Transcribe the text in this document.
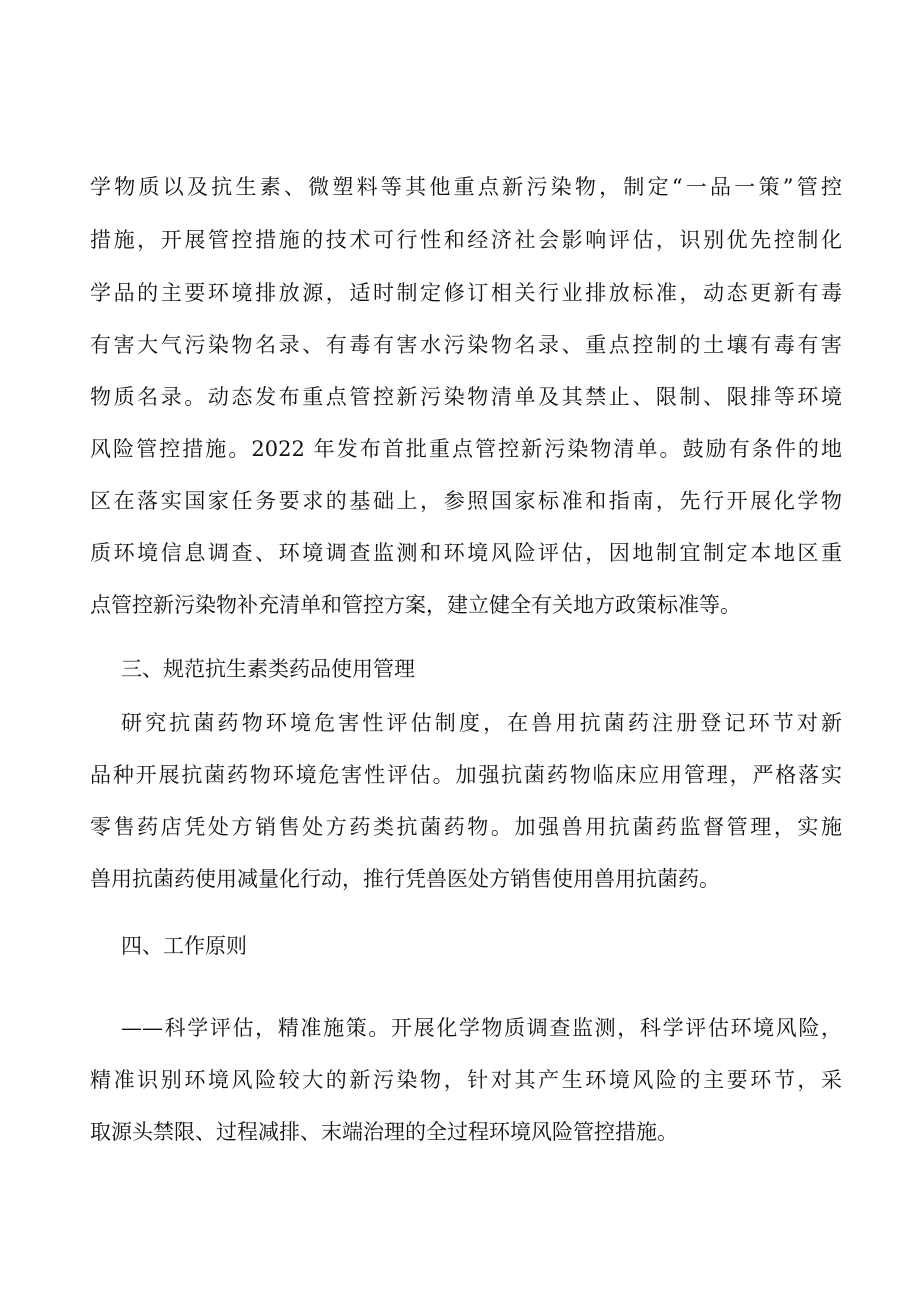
学物质以及抗生素、微塑料等其他重点新污染物，制定“一品一策”管控
措施，开展管控措施的技术可行性和经济社会影响评估，识别优先控制化
学品的主要环境排放源，适时制定修订相关行业排放标准，动态更新有毒
有害大气污染物名录、有毒有害水污染物名录、重点控制的土壤有毒有害
物质名录。动态发布重点管控新污染物清单及其禁止、限制、限排等环境
风险管控措施。2022 年发布首批重点管控新污染物清单。鼓励有条件的地
区在落实国家任务要求的基础上，参照国家标准和指南，先行开展化学物
质环境信息调查、环境调查监测和环境风险评估，因地制宜制定本地区重
点管控新污染物补充清单和管控方案，建立健全有关地方政策标准等。
三、规范抗生素类药品使用管理
研究抗菌药物环境危害性评估制度，在兽用抗菌药注册登记环节对新
品种开展抗菌药物环境危害性评估。加强抗菌药物临床应用管理，严格落实
零售药店凭处方销售处方药类抗菌药物。加强兽用抗菌药监督管理，实施
兽用抗菌药使用减量化行动，推行凭兽医处方销售使用兽用抗菌药。
四、工作原则
——科学评估，精准施策。开展化学物质调查监测，科学评估环境风险，
精准识别环境风险较大的新污染物，针对其产生环境风险的主要环节，采
取源头禁限、过程减排、末端治理的全过程环境风险管控措施。
